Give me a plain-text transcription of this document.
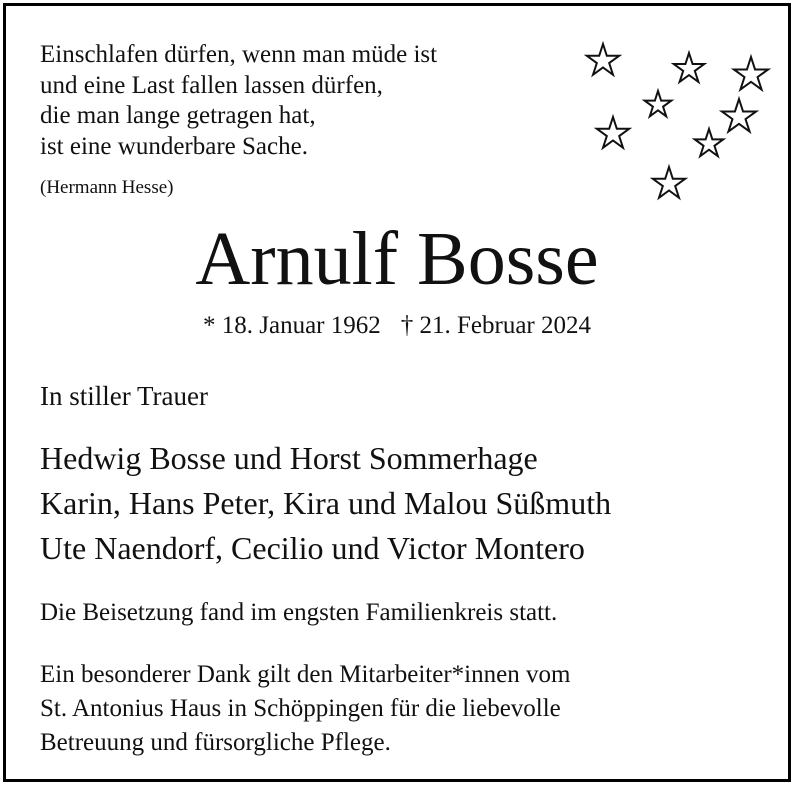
Einschlafen dürfen, wenn man müde ist
und eine Last fallen lassen dürfen,
die man lange getragen hat,
ist eine wunderbare Sache.
(Hermann Hesse)
Arnulf Bosse
* 18. Januar 1962 † 21. Februar 2024
In stiller Trauer
Hedwig Bosse und Horst Sommerhage
Karin, Hans Peter, Kira und Malou Süßmuth
Ute Naendorf, Cecilio und Victor Montero
Die Beisetzung fand im engsten Familienkreis statt.
Ein besonderer Dank gilt den Mitarbeiter*innen vom
St. Antonius Haus in Schöppingen für die liebevolle
Betreuung und fürsorgliche Pflege.
